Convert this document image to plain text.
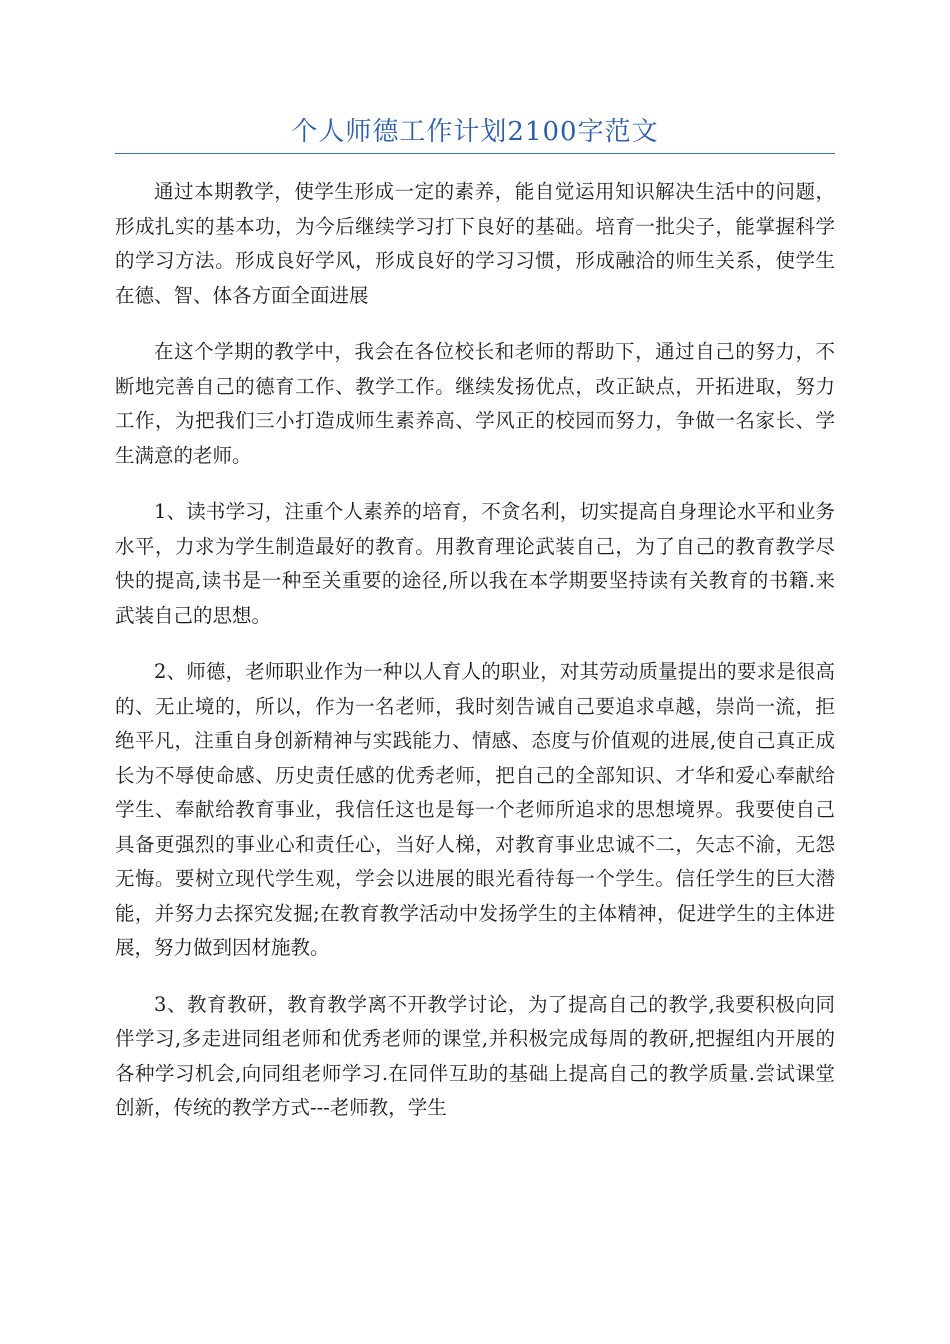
个人师德工作计划2100字范文

通过本期教学，使学生形成一定的素养，能自觉运用知识解决生活中的问题，形成扎实的基本功，为今后继续学习打下良好的基础。培育一批尖子，能掌握科学的学习方法。形成良好学风，形成良好的学习习惯，形成融洽的师生关系，使学生在德、智、体各方面全面进展

在这个学期的教学中，我会在各位校长和老师的帮助下，通过自己的努力，不断地完善自己的德育工作、教学工作。继续发扬优点，改正缺点，开拓进取，努力工作，为把我们三小打造成师生素养高、学风正的校园而努力，争做一名家长、学生满意的老师。

1、读书学习，注重个人素养的培育，不贪名利，切实提高自身理论水平和业务水平，力求为学生制造最好的教育。用教育理论武装自己，为了自己的教育教学尽快的提高,读书是一种至关重要的途径,所以我在本学期要坚持读有关教育的书籍.来武装自己的思想。

2、师德，老师职业作为一种以人育人的职业，对其劳动质量提出的要求是很高的、无止境的，所以，作为一名老师，我时刻告诫自己要追求卓越，崇尚一流，拒绝平凡，注重自身创新精神与实践能力、情感、态度与价值观的进展,使自己真正成长为不辱使命感、历史责任感的优秀老师，把自己的全部知识、才华和爱心奉献给学生、奉献给教育事业，我信任这也是每一个老师所追求的思想境界。我要使自己具备更强烈的事业心和责任心，当好人梯，对教育事业忠诚不二，矢志不渝，无怨无悔。要树立现代学生观，学会以进展的眼光看待每一个学生。信任学生的巨大潜能，并努力去探究发掘;在教育教学活动中发扬学生的主体精神，促进学生的主体进展，努力做到因材施教。

3、教育教研，教育教学离不开教学讨论，为了提高自己的教学,我要积极向同伴学习,多走进同组老师和优秀老师的课堂,并积极完成每周的教研,把握组内开展的各种学习机会,向同组老师学习.在同伴互助的基础上提高自己的教学质量.尝试课堂创新，传统的教学方式---老师教，学生
